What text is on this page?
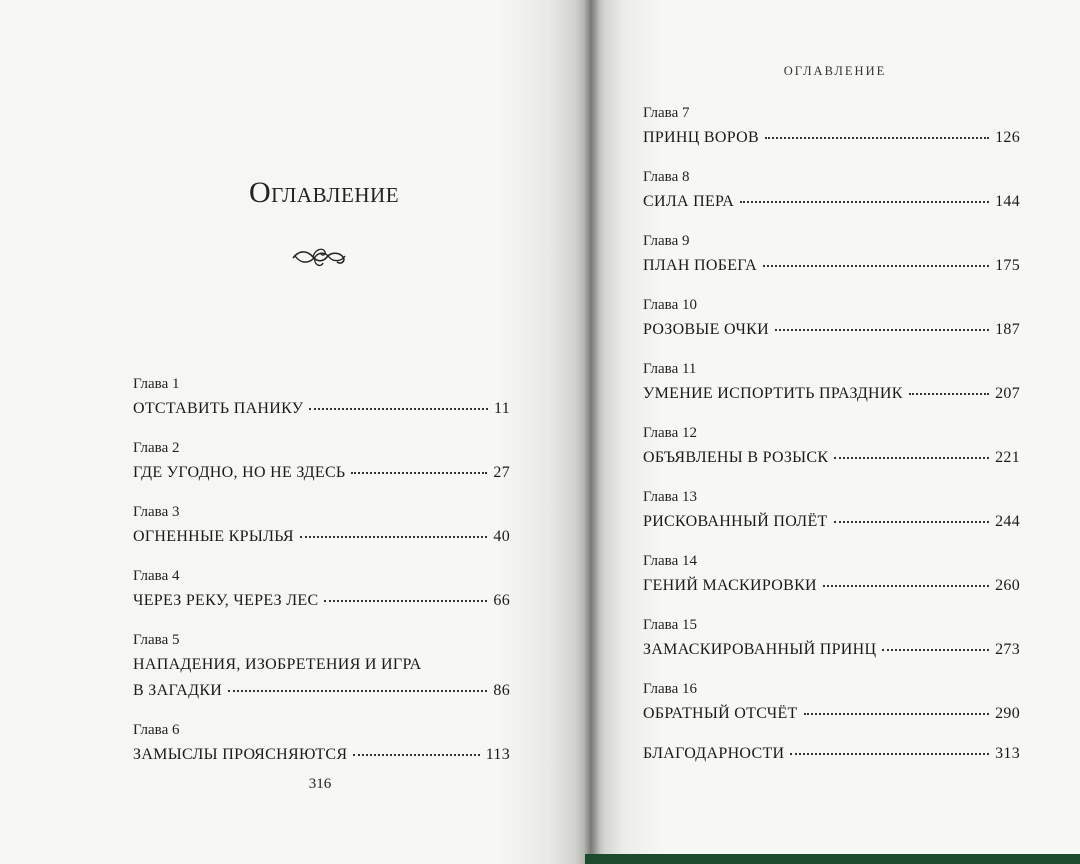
Оглавление
ОГЛАВЛЕНИЕ
Глава 1
ОТСТАВИТЬ ПАНИКУ	11
Глава 2
ГДЕ УГОДНО, НО НЕ ЗДЕСЬ	27
Глава 3
ОГНЕННЫЕ КРЫЛЬЯ	40
Глава 4
ЧЕРЕЗ РЕКУ, ЧЕРЕЗ ЛЕС	66
Глава 5
НАПАДЕНИЯ, ИЗОБРЕТЕНИЯ И ИГРА
В ЗАГАДКИ	86
Глава 6
ЗАМЫСЛЫ ПРОЯСНЯЮТСЯ	113
316
Глава 7
ПРИНЦ ВОРОВ	126
Глава 8
СИЛА ПЕРА	144
Глава 9
ПЛАН ПОБЕГА	175
Глава 10
РОЗОВЫЕ ОЧКИ	187
Глава 11
УМЕНИЕ ИСПОРТИТЬ ПРАЗДНИК	207
Глава 12
ОБЪЯВЛЕНЫ В РОЗЫСК	221
Глава 13
РИСКОВАННЫЙ ПОЛЁТ	244
Глава 14
ГЕНИЙ МАСКИРОВКИ	260
Глава 15
ЗАМАСКИРОВАННЫЙ ПРИНЦ	273
Глава 16
ОБРАТНЫЙ ОТСЧЁТ	290
БЛАГОДАРНОСТИ	313
